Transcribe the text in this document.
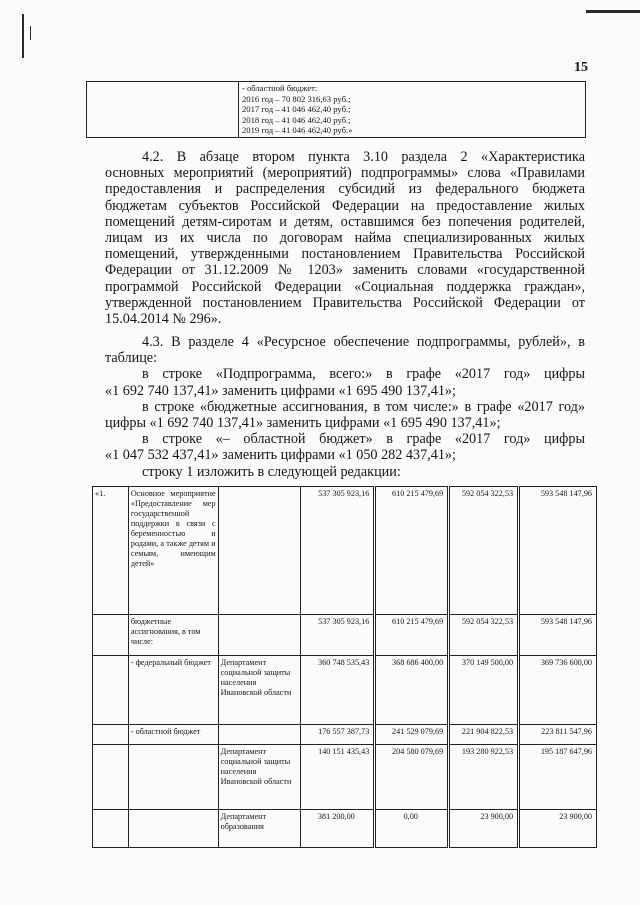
15

- областной бюджет:
2016 год – 70 802 316,63 руб.;
2017 год – 41 046 462,40 руб.;
2018 год – 41 046 462,40 руб.;
2019 год – 41 046 462,40 руб.»
4.2. В абзаце втором пункта 3.10 раздела 2 «Характеристика
основных мероприятий (мероприятий) подпрограммы» слова «Правилами
предоставления и распределения субсидий из федерального бюджета
бюджетам субъектов Российской Федерации на предоставление жилых
помещений детям-сиротам и детям, оставшимся без попечения родителей,
лицам из их числа по договорам найма специализированных жилых
помещений, утвержденными постановлением Правительства Российской
Федерации от 31.12.2009 № 1203» заменить словами «государственной
программой Российской Федерации «Социальная поддержка граждан»,
утвержденной постановлением Правительства Российской Федерации от
15.04.2014 № 296».
4.3. В разделе 4 «Ресурсное обеспечение подпрограммы, рублей», в
таблице:
в строке «Подпрограмма, всего:» в графе «2017 год» цифры
«1 692 740 137,41» заменить цифрами «1 695 490 137,41»;
в строке «бюджетные ассигнования, в том числе:» в графе «2017 год»
цифры «1 692 740 137,41» заменить цифрами «1 695 490 137,41»;
в строке «– областной бюджет» в графе «2017 год» цифры
«1 047 532 437,41» заменить цифрами «1 050 282 437,41»;
строку 1 изложить в следующей редакции:
«1.	Основное мероприятие «Предоставление мер государственной поддержки в связи с беременностью и родами, а также детям и семьям, имеющим детей»		537 305 923,16	610 215 479,69	592 054 322,53	593 548 147,96
	бюджетные ассигнования, в том числе:		537 305 923,16	610 215 479,69	592 054 322,53	593 548 147,96
	- федеральный бюджет	Департамент социальной защиты населения Ивановской области	360 748 535,43	368 686 400,00	370 149 500,00	369 736 600,00
	- областной бюджет		176 557 387,73	241 529 079,69	221 904 822,53	223 811 547,96
		Департамент социальной защиты населения Ивановской области	140 151 435,43	204 580 079,69	193 280 922,53	195 187 647,96
		Департамент образования	381 200,00	0,00	23 900,00	23 900,00
